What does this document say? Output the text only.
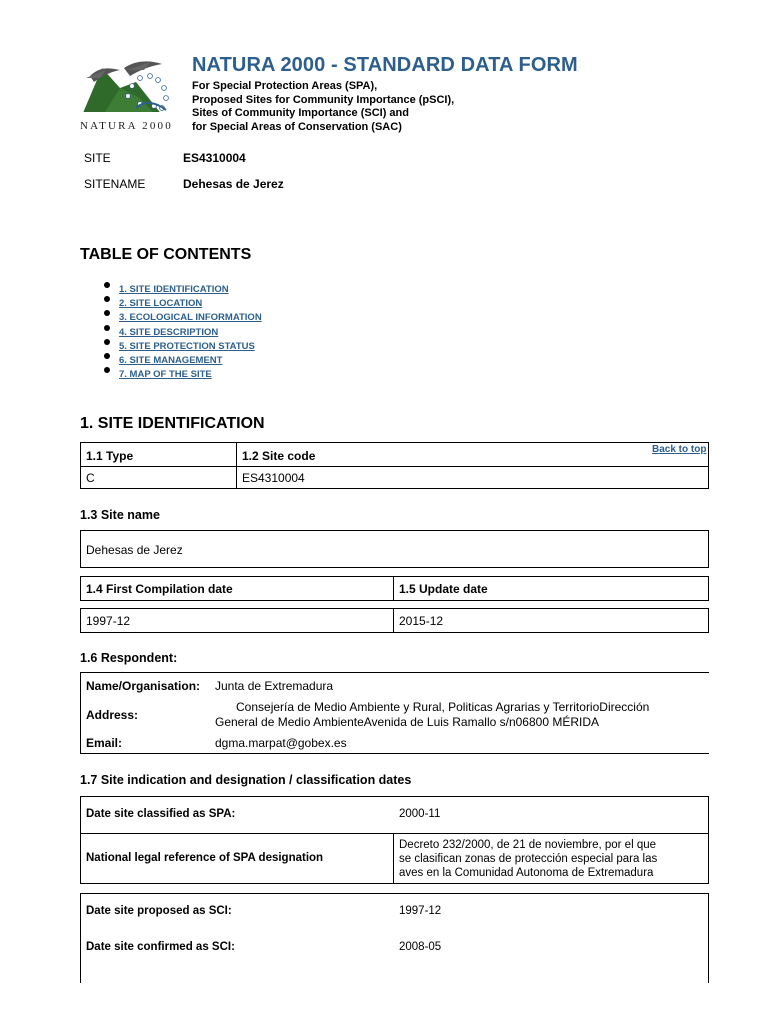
NATURA 2000
NATURA 2000 - STANDARD DATA FORM
For Special Protection Areas (SPA),
Proposed Sites for Community Importance (pSCI),
Sites of Community Importance (SCI) and
for Special Areas of Conservation (SAC)
SITE	ES4310004
SITENAME	Dehesas de Jerez
TABLE OF CONTENTS
1. SITE IDENTIFICATION
2. SITE LOCATION
3. ECOLOGICAL INFORMATION
4. SITE DESCRIPTION
5. SITE PROTECTION STATUS
6. SITE MANAGEMENT
7. MAP OF THE SITE
1. SITE IDENTIFICATION
1.1 Type	1.2 Site code	Back to top
C	ES4310004
1.3 Site name
Dehesas de Jerez
1.4 First Compilation date	1.5 Update date
1997-12	2015-12
1.6 Respondent:
Name/Organisation: Junta de Extremadura
Address:
Consejería de Medio Ambiente y Rural, Politicas Agrarias y TerritorioDirección
General de Medio AmbienteAvenida de Luis Ramallo s/n06800 MÉRIDA
Email:	dgma.marpat@gobex.es
1.7 Site indication and designation / classification dates
Date site classified as SPA:	2000-11
National legal reference of SPA designation
Decreto 232/2000, de 21 de noviembre, por el que
se clasifican zonas de protección especial para las
aves en la Comunidad Autonoma de Extremadura
Date site proposed as SCI:	1997-12
Date site confirmed as SCI:	2008-05
